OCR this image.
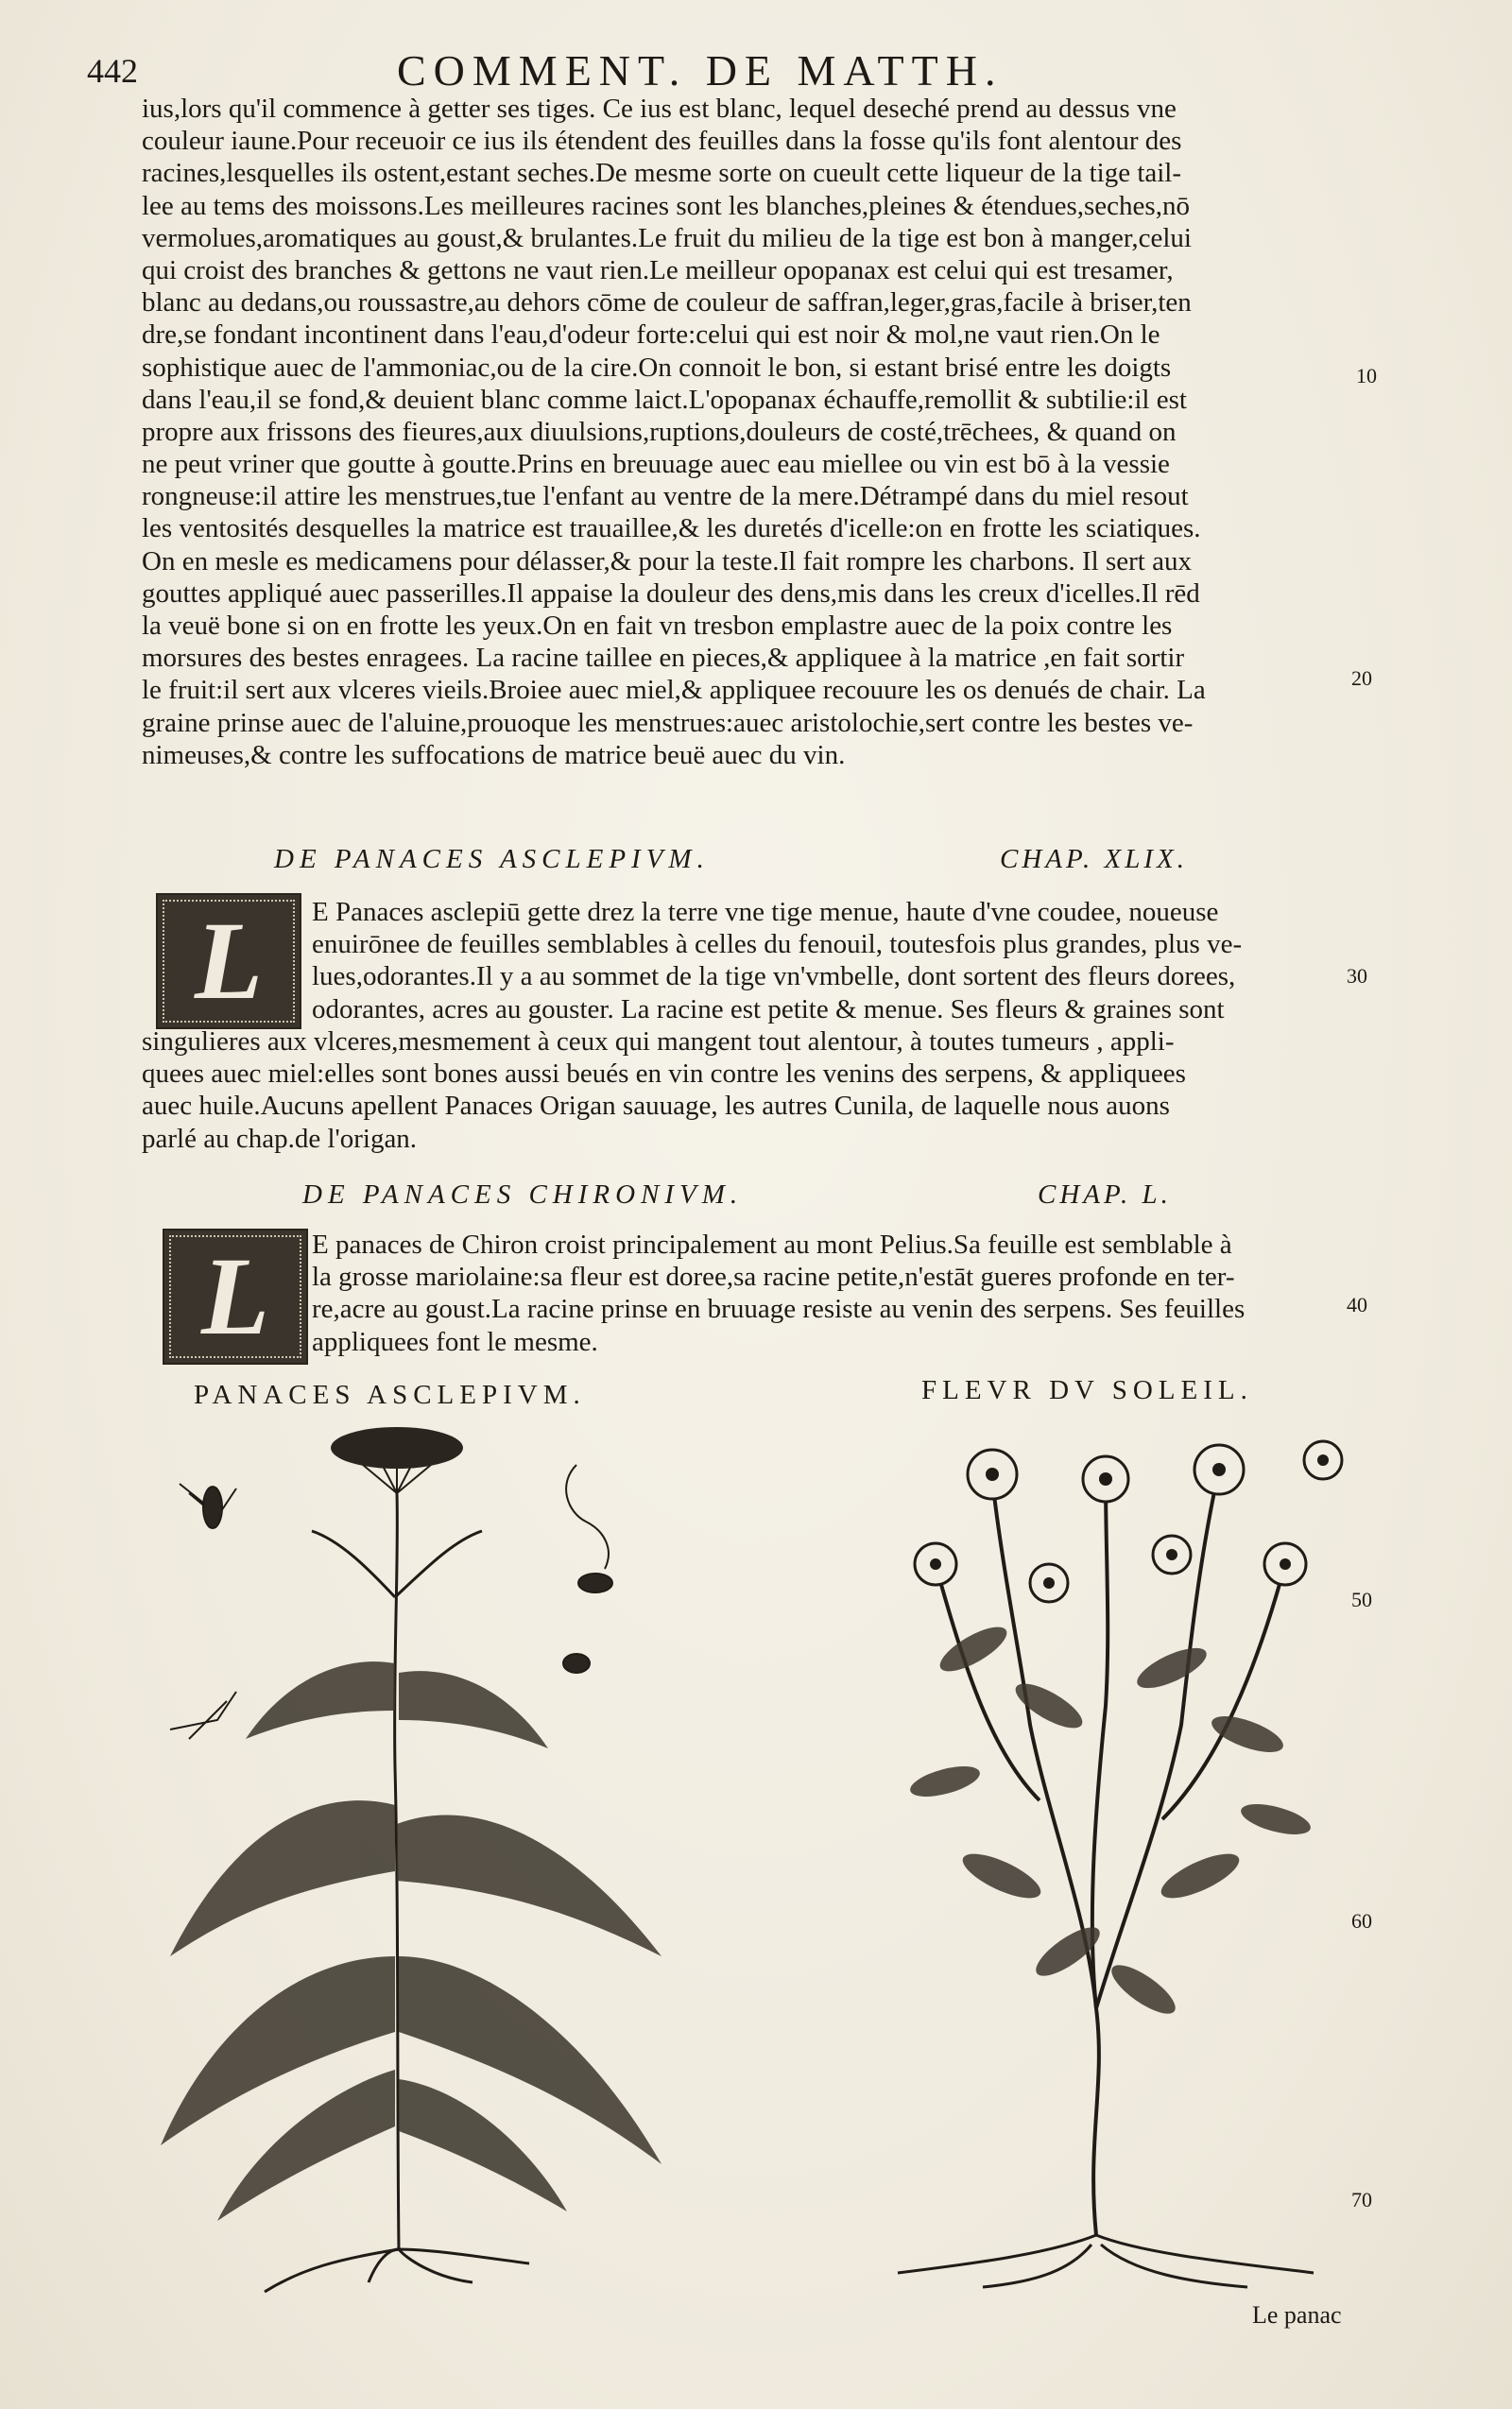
442	COMMENT. DE MATTH.
ius,lors qu'il commence à getter ses tiges. Ce ius est blanc, lequel deseché prend au dessus vne
couleur iaune.Pour receuoir ce ius ils étendent des feuilles dans la fosse qu'ils font alentour des
racines,lesquelles ils ostent,estant seches.De mesme sorte on cueult cette liqueur de la tige tail-
lee au tems des moissons.Les meilleures racines sont les blanches,pleines & étendues,seches,nō
vermolues,aromatiques au goust,& brulantes.Le fruit du milieu de la tige est bon à manger,celui
qui croist des branches & gettons ne vaut rien.Le meilleur opopanax est celui qui est tresamer,
blanc au dedans,ou roussastre,au dehors cōme de couleur de saffran,leger,gras,facile à briser,ten
dre,se fondant incontinent dans l'eau,d'odeur forte:celui qui est noir & mol,ne vaut rien.On le
sophistique auec de l'ammoniac,ou de la cire.On connoit le bon, si estant brisé entre les doigts
dans l'eau,il se fond,& deuient blanc comme laict.L'opopanax échauffe,remollit & subtilie:il est
propre aux frissons des fieures,aux diuulsions,ruptions,douleurs de costé,trēchees, & quand on
ne peut vriner que goutte à goutte.Prins en breuuage auec eau miellee ou vin est bō à la vessie
rongneuse:il attire les menstrues,tue l'enfant au ventre de la mere.Détrampé dans du miel resout
les ventosités desquelles la matrice est trauaillee,& les duretés d'icelle:on en frotte les sciatiques.
On en mesle es medicamens pour délasser,& pour la teste.Il fait rompre les charbons. Il sert aux
gouttes appliqué auec passerilles.Il appaise la douleur des dens,mis dans les creux d'icelles.Il rēd
la veuë bone si on en frotte les yeux.On en fait vn tresbon emplastre auec de la poix contre les
morsures des bestes enragees. La racine taillee en pieces,& appliquee à la matrice ,en fait sortir
le fruit:il sert aux vlceres vieils.Broiee auec miel,& appliquee recouure les os denués de chair. La
graine prinse auec de l'aluine,prouoque les menstrues:auec aristolochie,sert contre les bestes ve-
nimeuses,& contre les suffocations de matrice beuë auec du vin.
DE PANACES ASCLEPIVM.	CHAP. XLIX.
L E Panaces asclepiū gette drez la terre vne tige menue, haute d'vne coudee, noueuse
enuirōnee de feuilles semblables à celles du fenouil, toutesfois plus grandes, plus ve-
lues,odorantes.Il y a au sommet de la tige vn'vmbelle, dont sortent des fleurs dorees,
odorantes, acres au gouster. La racine est petite & menue. Ses fleurs & graines sont
singulieres aux vlceres,mesmement à ceux qui mangent tout alentour, à toutes tumeurs , appli-
quees auec miel:elles sont bones aussi beués en vin contre les venins des serpens, & appliquees
auec huile.Aucuns apellent Panaces Origan sauuage, les autres Cunila, de laquelle nous auons
parlé au chap.de l'origan.
DE PANACES CHIRONIVM.	CHAP. L.
L E panaces de Chiron croist principalement au mont Pelius.Sa feuille est semblable à
la grosse mariolaine:sa fleur est doree,sa racine petite,n'estāt gueres profonde en ter-
re,acre au goust.La racine prinse en bruuage resiste au venin des serpens. Ses feuilles
appliquees font le mesme.
10
20
30
40
50
60
70
PANACES ASCLEPIVM.	FLEVR DV SOLEIL.
Le panac
